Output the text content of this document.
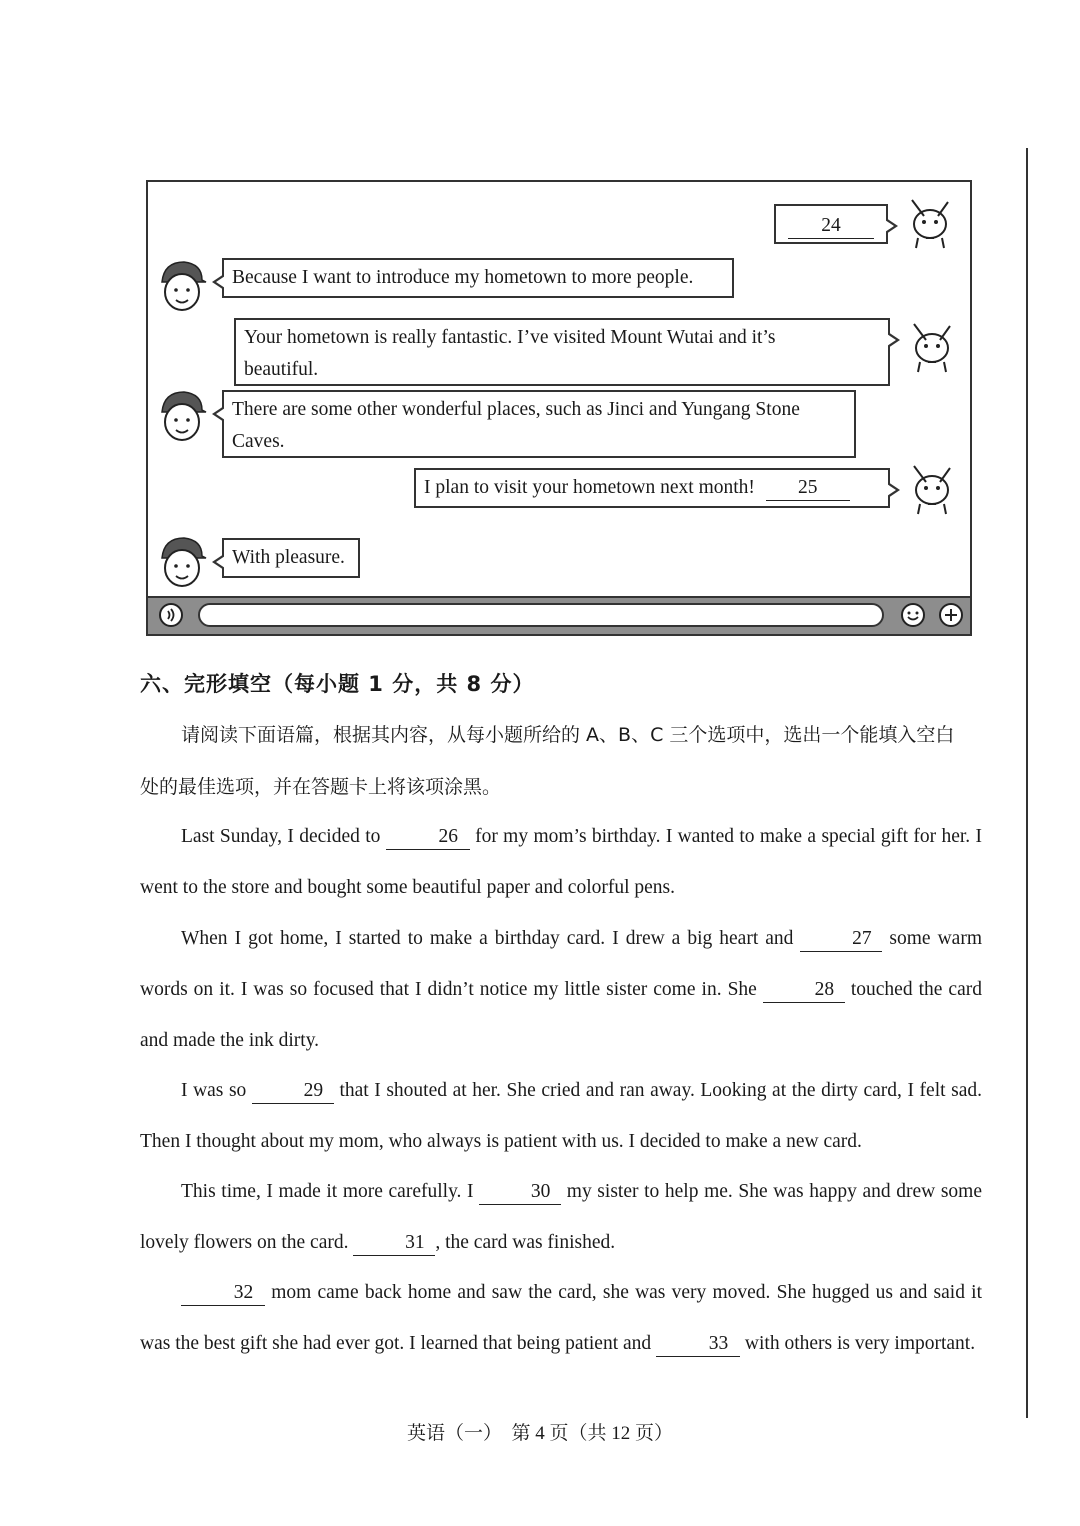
24
Because I want to introduce my hometown to more people.
Your hometown is really fantastic. I’ve visited Mount Wutai and it’s
beautiful.
There are some other wonderful places, such as Jinci and Yungang Stone
Caves.
I plan to visit your hometown next month! 25
With pleasure.
六、完形填空（每小题 1 分，共 8 分）
请阅读下面语篇，根据其内容，从每小题所给的 A、B、C 三个选项中，选出一个能填入空白
处的最佳选项，并在答题卡上将该项涂黑。
Last Sunday, I decided to	26 for my mom’s birthday. I wanted to make a special gift for her. I went to the store and bought some beautiful paper and colorful pens.
When I got home, I started to make a birthday card. I drew a big heart and	27 some warm words on it. I was so focused that I didn’t notice my little sister come in. She	28 touched the card and made the ink dirty.
I was so	29 that I shouted at her. She cried and ran away. Looking at the dirty card, I felt sad. Then I thought about my mom, who always is patient with us. I decided to make a new card.
This time, I made it more carefully. I	30 my sister to help me. She was happy and drew some lovely flowers on the card.	31 , the card was finished.
32 mom came back home and saw the card, she was very moved. She hugged us and said it was the best gift she had ever got. I learned that being patient and	33 with others is very important.
英语（一）　第 4 页（共 12 页）
